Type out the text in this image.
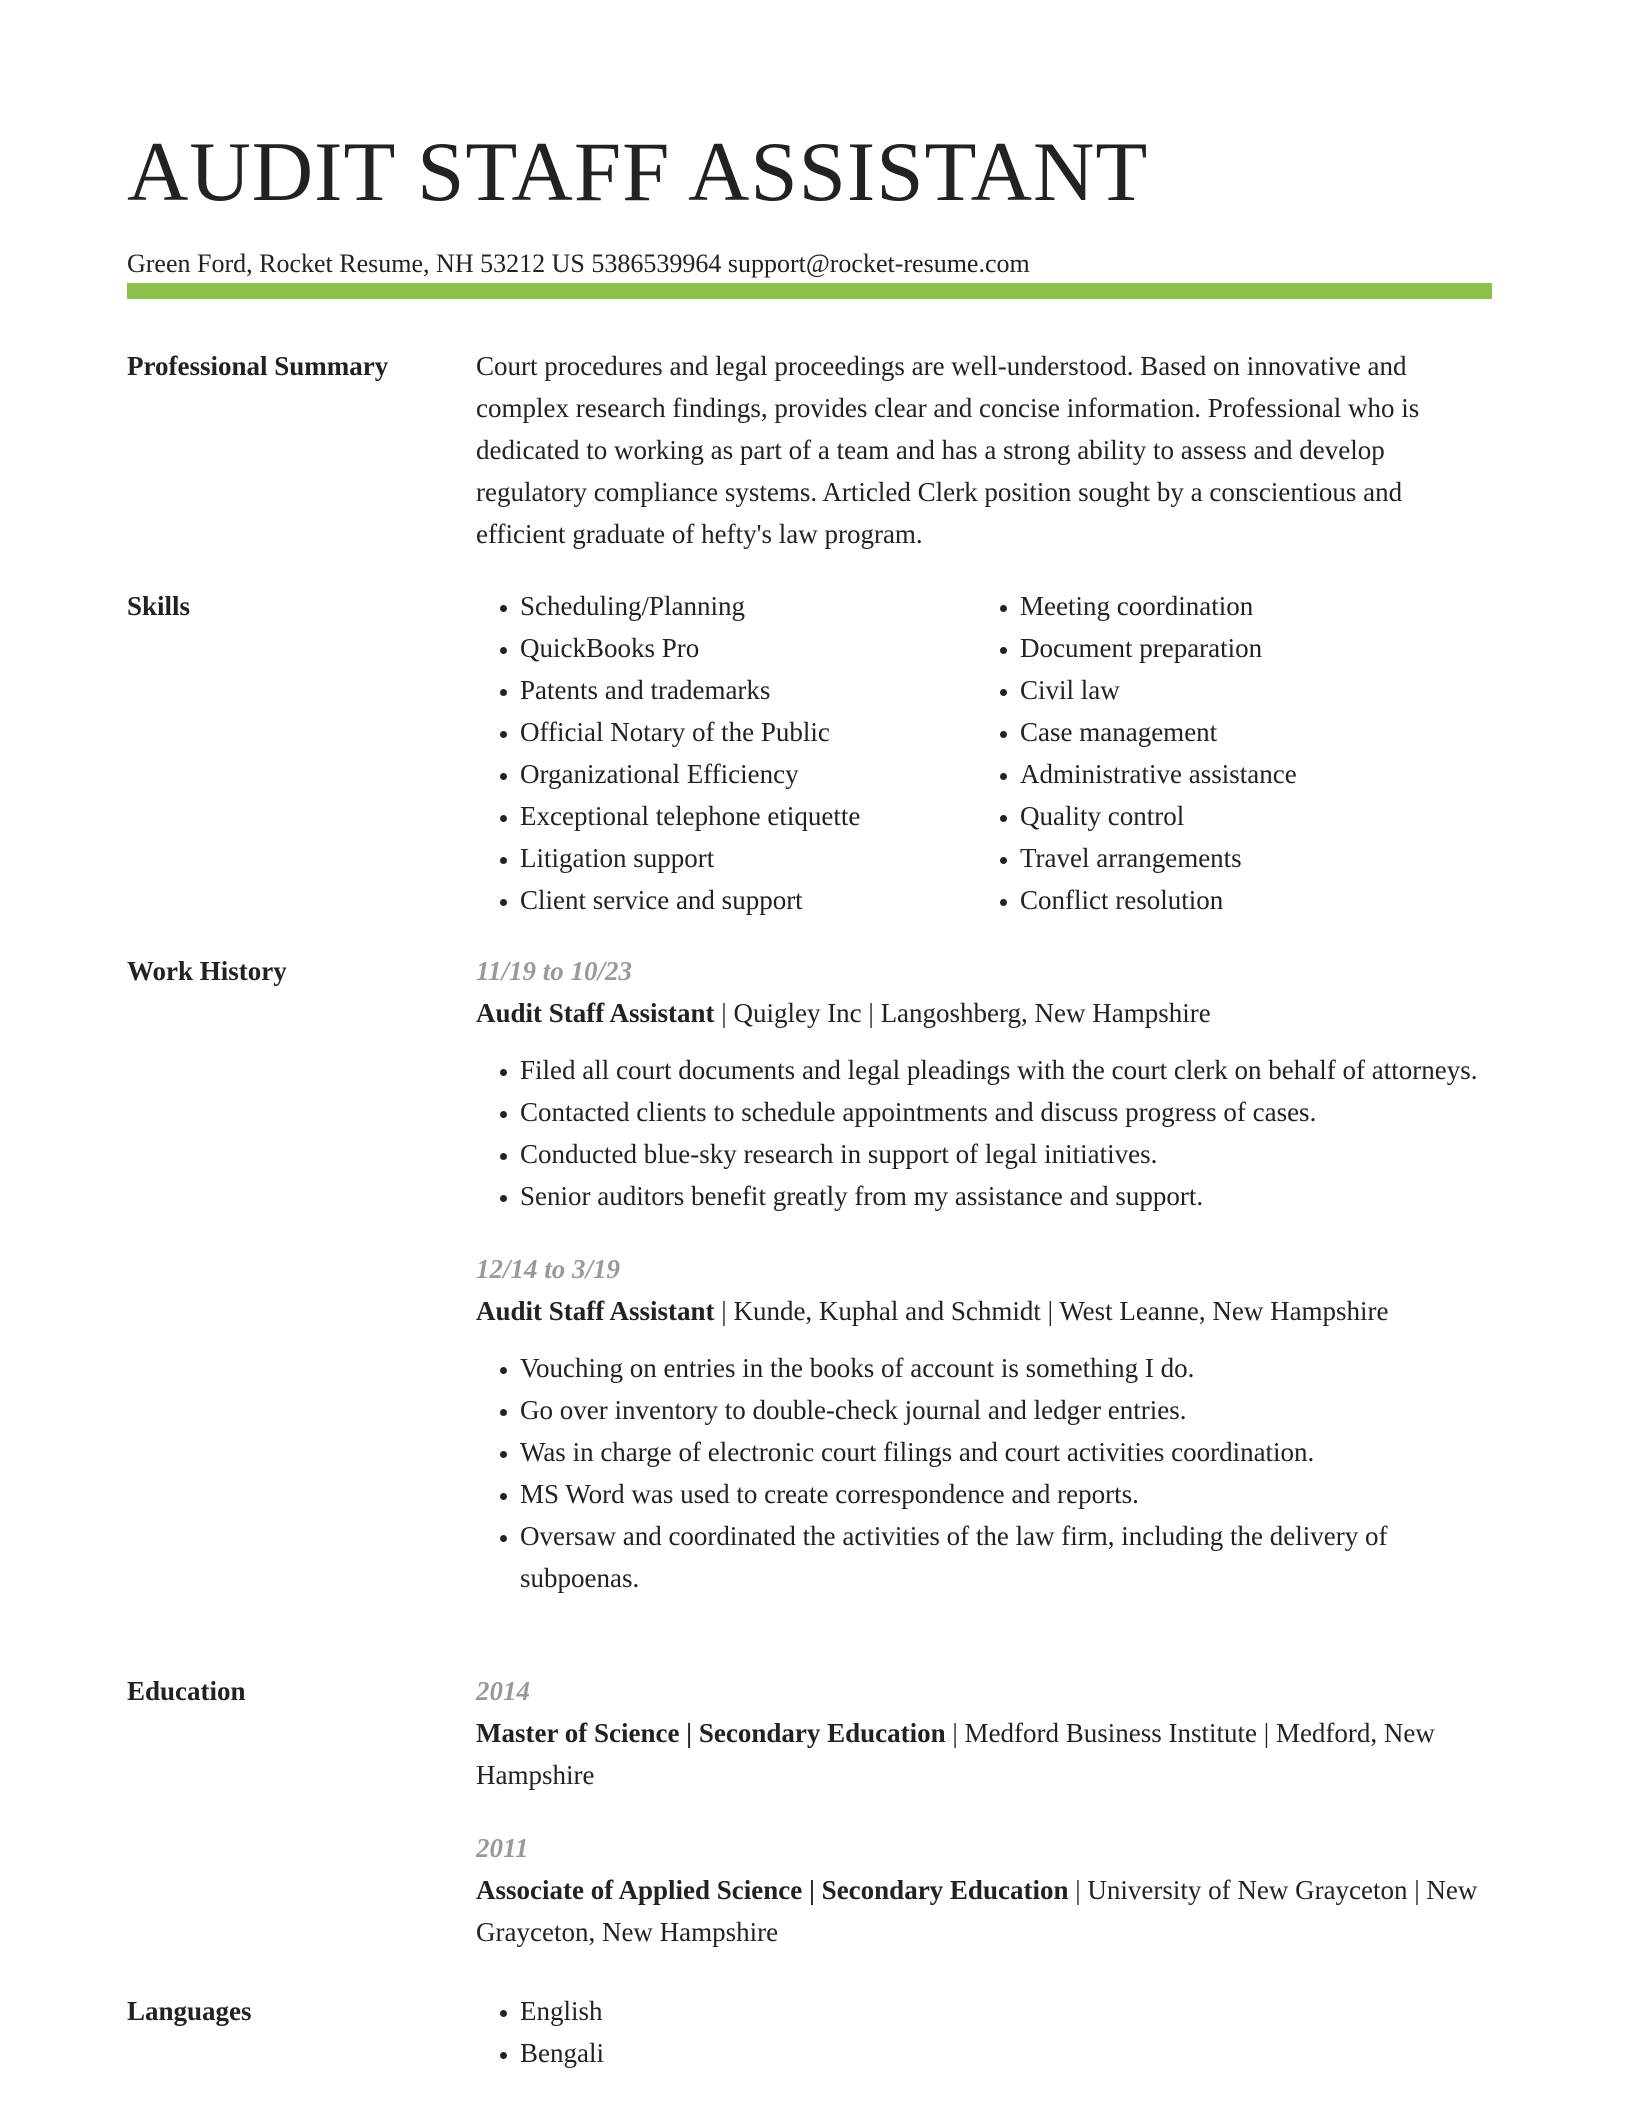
AUDIT STAFF ASSISTANT
Green Ford, Rocket Resume, NH 53212 US 5386539964 support@rocket-resume.com
Professional Summary	Court procedures and legal proceedings are well-understood. Based on innovative and complex research findings, provides clear and concise information. Professional who is dedicated to working as part of a team and has a strong ability to assess and develop regulatory compliance systems. Articled Clerk position sought by a conscientious and efficient graduate of hefty's law program.

Skills	• Scheduling/Planning
• QuickBooks Pro
• Patents and trademarks
• Official Notary of the Public
• Organizational Efficiency
• Exceptional telephone etiquette
• Litigation support
• Client service and support
• Meeting coordination
• Document preparation
• Civil law
• Case management
• Administrative assistance
• Quality control
• Travel arrangements
• Conflict resolution
Work History	11/19 to 10/23
Audit Staff Assistant | Quigley Inc | Langoshberg, New Hampshire
• Filed all court documents and legal pleadings with the court clerk on behalf of attorneys.
• Contacted clients to schedule appointments and discuss progress of cases.
• Conducted blue-sky research in support of legal initiatives.
• Senior auditors benefit greatly from my assistance and support.
12/14 to 3/19
Audit Staff Assistant | Kunde, Kuphal and Schmidt | West Leanne, New Hampshire
• Vouching on entries in the books of account is something I do.
• Go over inventory to double-check journal and ledger entries.
• Was in charge of electronic court filings and court activities coordination.
• MS Word was used to create correspondence and reports.
• Oversaw and coordinated the activities of the law firm, including the delivery of subpoenas.
Education	2014
Master of Science | Secondary Education | Medford Business Institute | Medford, New Hampshire
2011
Associate of Applied Science | Secondary Education | University of New Grayceton | New Grayceton, New Hampshire
Languages	• English
• Bengali
